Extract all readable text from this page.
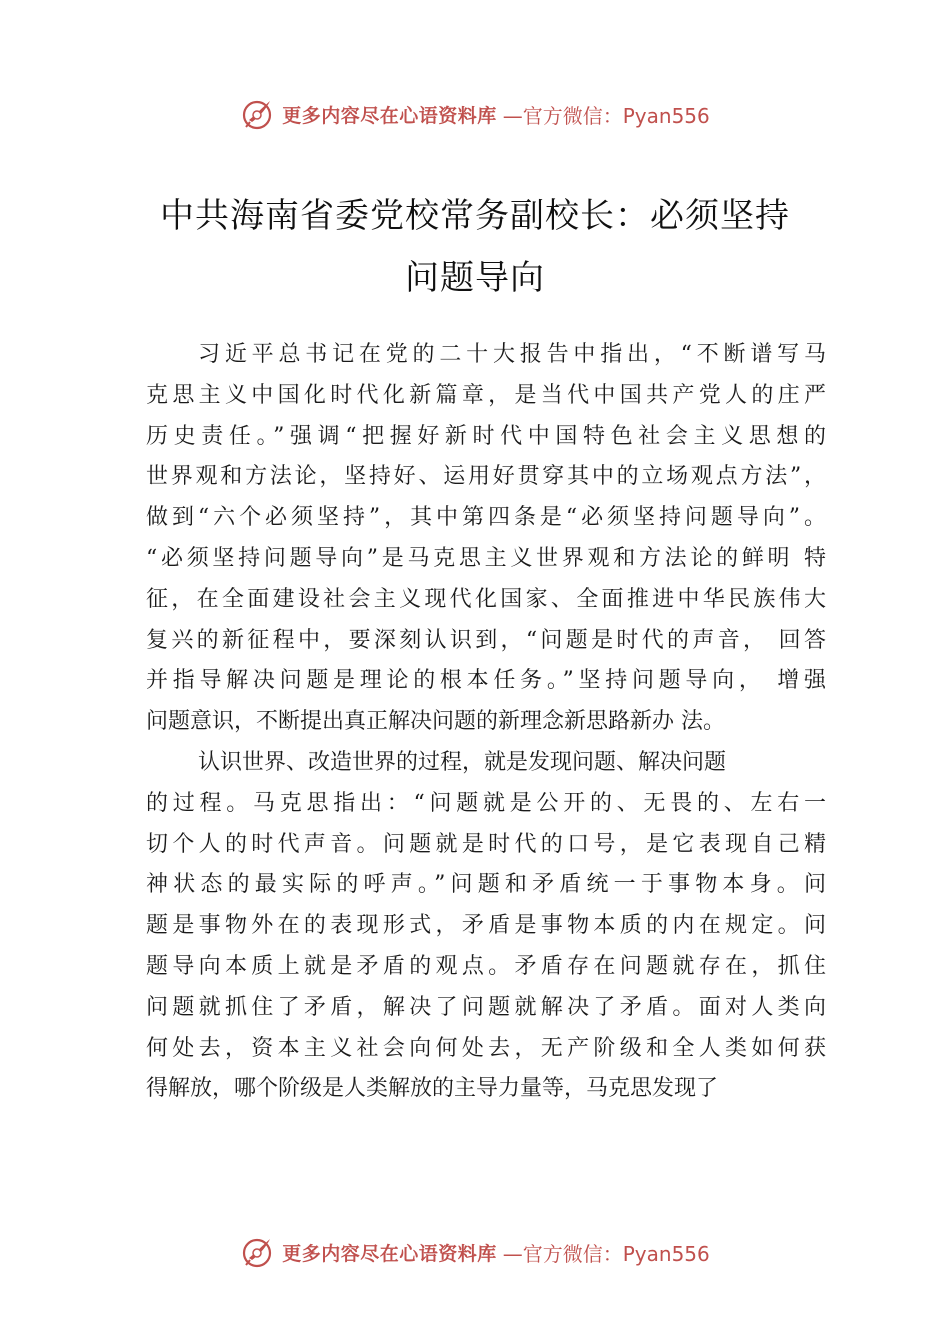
更多内容尽在心语资料库 —官方微信：Pyan556
中共海南省委党校常务副校长：必须坚持
问题导向
习近平总书记在党的二十大报告中指出，“不断谱写马
克思主义中国化时代化新篇章，是当代中国共产党人的庄严
历史责任。”强调“把握好新时代中国特色社会主义思想的
世界观和方法论，坚持好、运用好贯穿其中的立场观点方法”，
做到“六个必须坚持”，其中第四条是“必须坚持问题导向”。
“必须坚持问题导向”是马克思主义世界观和方法论的鲜明 特
征，在全面建设社会主义现代化国家、全面推进中华民族伟大
复兴的新征程中，要深刻认识到，“问题是时代的声音， 回答
并指导解决问题是理论的根本任务。”坚持问题导向， 增强
问题意识，不断提出真正解决问题的新理念新思路新办 法。
认识世界、改造世界的过程，就是发现问题、解决问题
的过程。马克思指出：“问题就是公开的、无畏的、左右一
切个人的时代声音。问题就是时代的口号，是它表现自己精
神状态的最实际的呼声。”问题和矛盾统一于事物本身。问
题是事物外在的表现形式，矛盾是事物本质的内在规定。问
题导向本质上就是矛盾的观点。矛盾存在问题就存在，抓住
问题就抓住了矛盾，解决了问题就解决了矛盾。面对人类向
何处去，资本主义社会向何处去，无产阶级和全人类如何获
得解放，哪个阶级是人类解放的主导力量等，马克思发现了
更多内容尽在心语资料库 —官方微信：Pyan556
